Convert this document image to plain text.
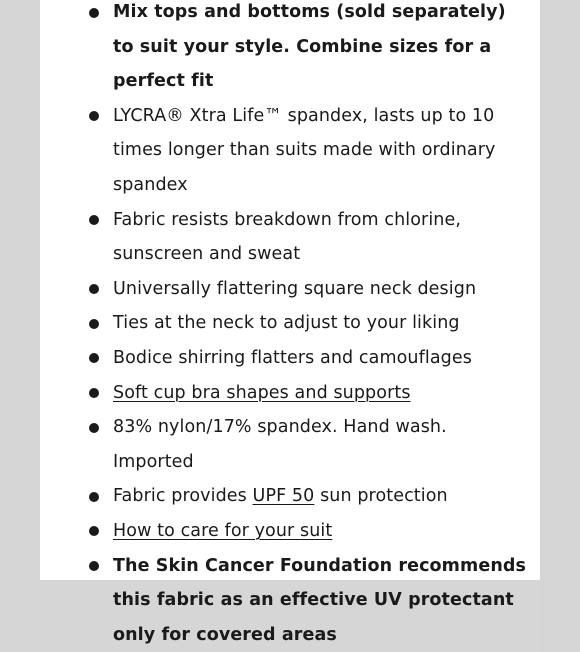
Mix tops and bottoms (sold separately) to suit your style. Combine sizes for a perfect fit
LYCRA® Xtra Life™ spandex, lasts up to 10 times longer than suits made with ordinary spandex
Fabric resists breakdown from chlorine, sunscreen and sweat
Universally flattering square neck design
Ties at the neck to adjust to your liking
Bodice shirring flatters and camouflages
Soft cup bra shapes and supports
83% nylon/17% spandex. Hand wash. Imported
Fabric provides UPF 50 sun protection
How to care for your suit
The Skin Cancer Foundation recommends this fabric as an effective UV protectant only for covered areas
